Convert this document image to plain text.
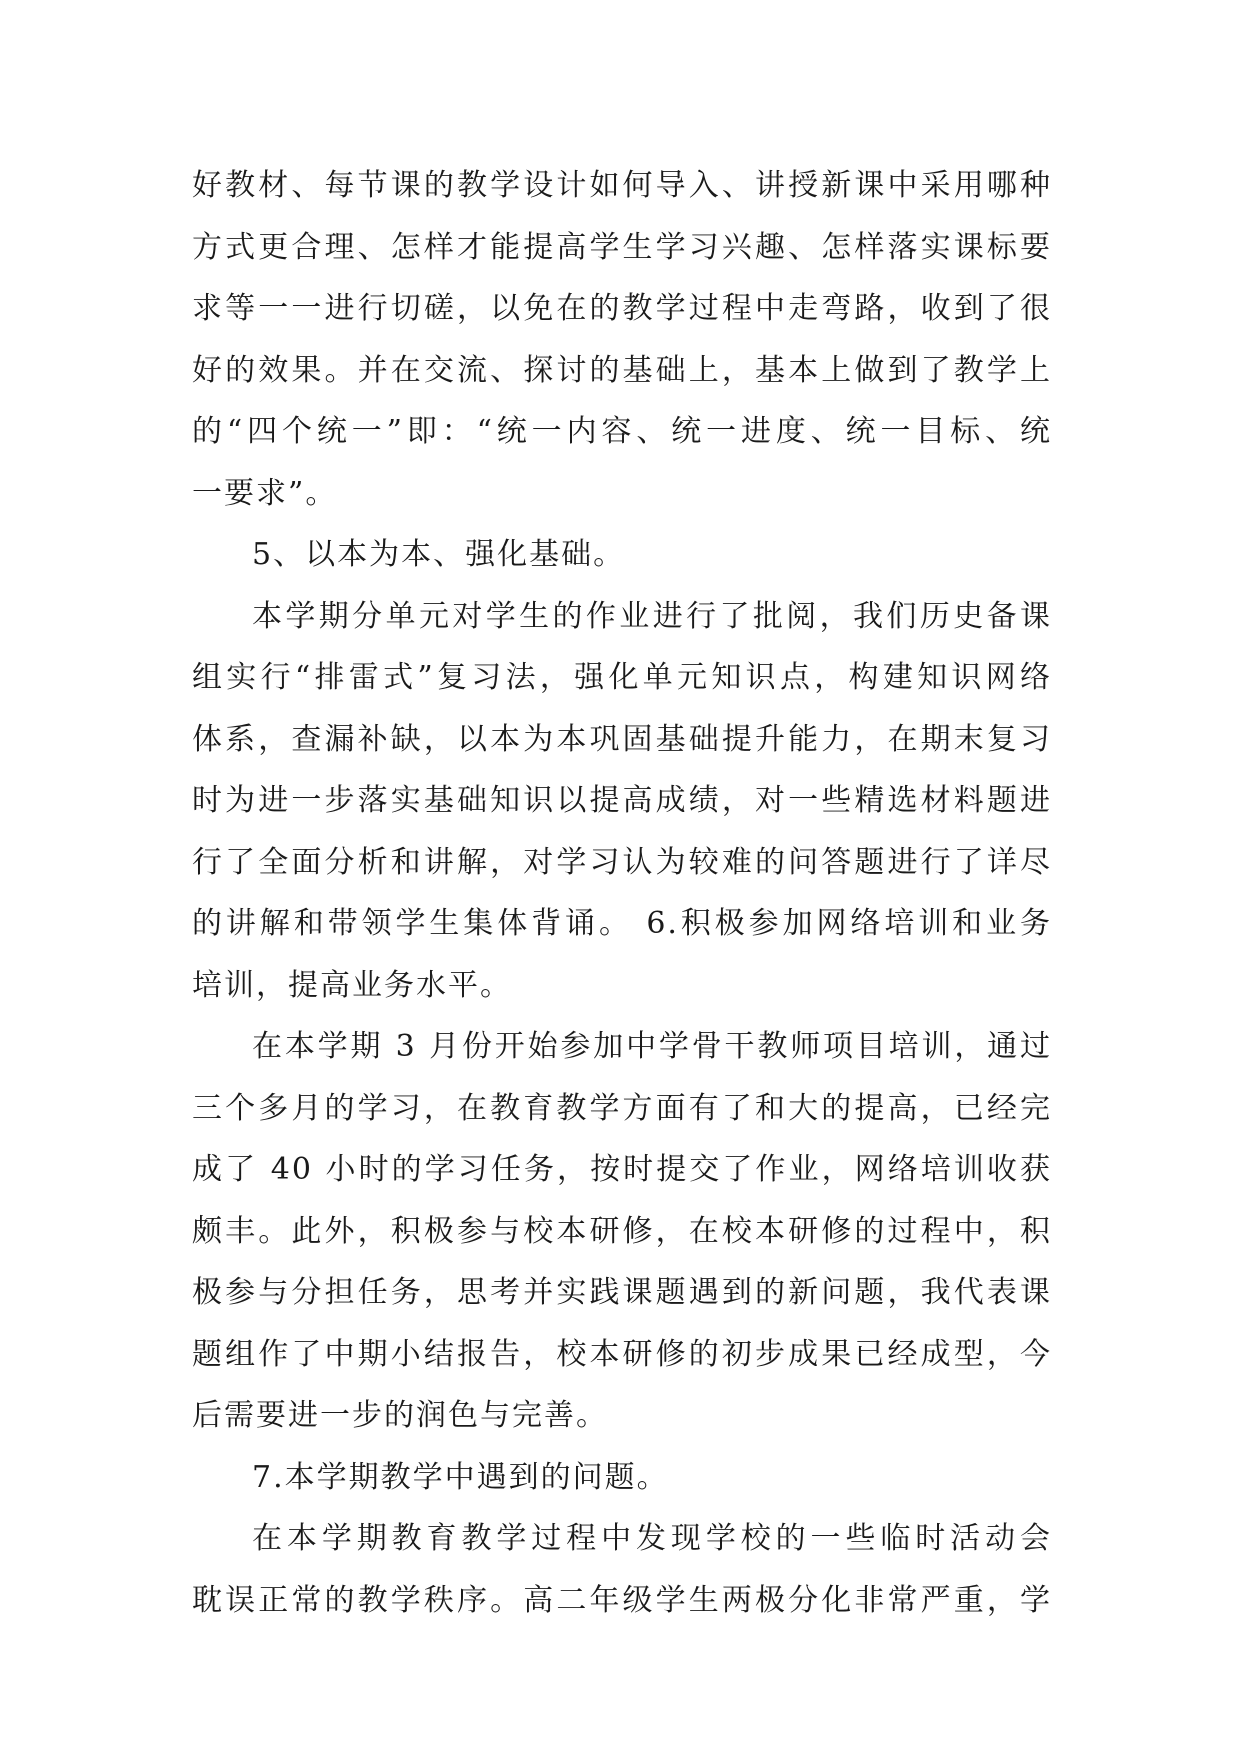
好教材、每节课的教学设计如何导入、讲授新课中采用哪种
方式更合理、怎样才能提高学生学习兴趣、怎样落实课标要
求等一一进行切磋，以免在的教学过程中走弯路，收到了很
好的效果。并在交流、探讨的基础上，基本上做到了教学上
的“四个统一”即：“统一内容、统一进度、统一目标、统
一要求”。
5、以本为本、强化基础。
本学期分单元对学生的作业进行了批阅，我们历史备课
组实行“排雷式”复习法，强化单元知识点，构建知识网络
体系，查漏补缺，以本为本巩固基础提升能力，在期末复习
时为进一步落实基础知识以提高成绩，对一些精选材料题进
行了全面分析和讲解，对学习认为较难的问答题进行了详尽
的讲解和带领学生集体背诵。 6.积极参加网络培训和业务
培训，提高业务水平。
在本学期 3 月份开始参加中学骨干教师项目培训，通过
三个多月的学习，在教育教学方面有了和大的提高，已经完
成了 40 小时的学习任务，按时提交了作业，网络培训收获
颇丰。此外，积极参与校本研修，在校本研修的过程中，积
极参与分担任务，思考并实践课题遇到的新问题，我代表课
题组作了中期小结报告，校本研修的初步成果已经成型，今
后需要进一步的润色与完善。
7.本学期教学中遇到的问题。
在本学期教育教学过程中发现学校的一些临时活动会
耽误正常的教学秩序。高二年级学生两极分化非常严重，学
